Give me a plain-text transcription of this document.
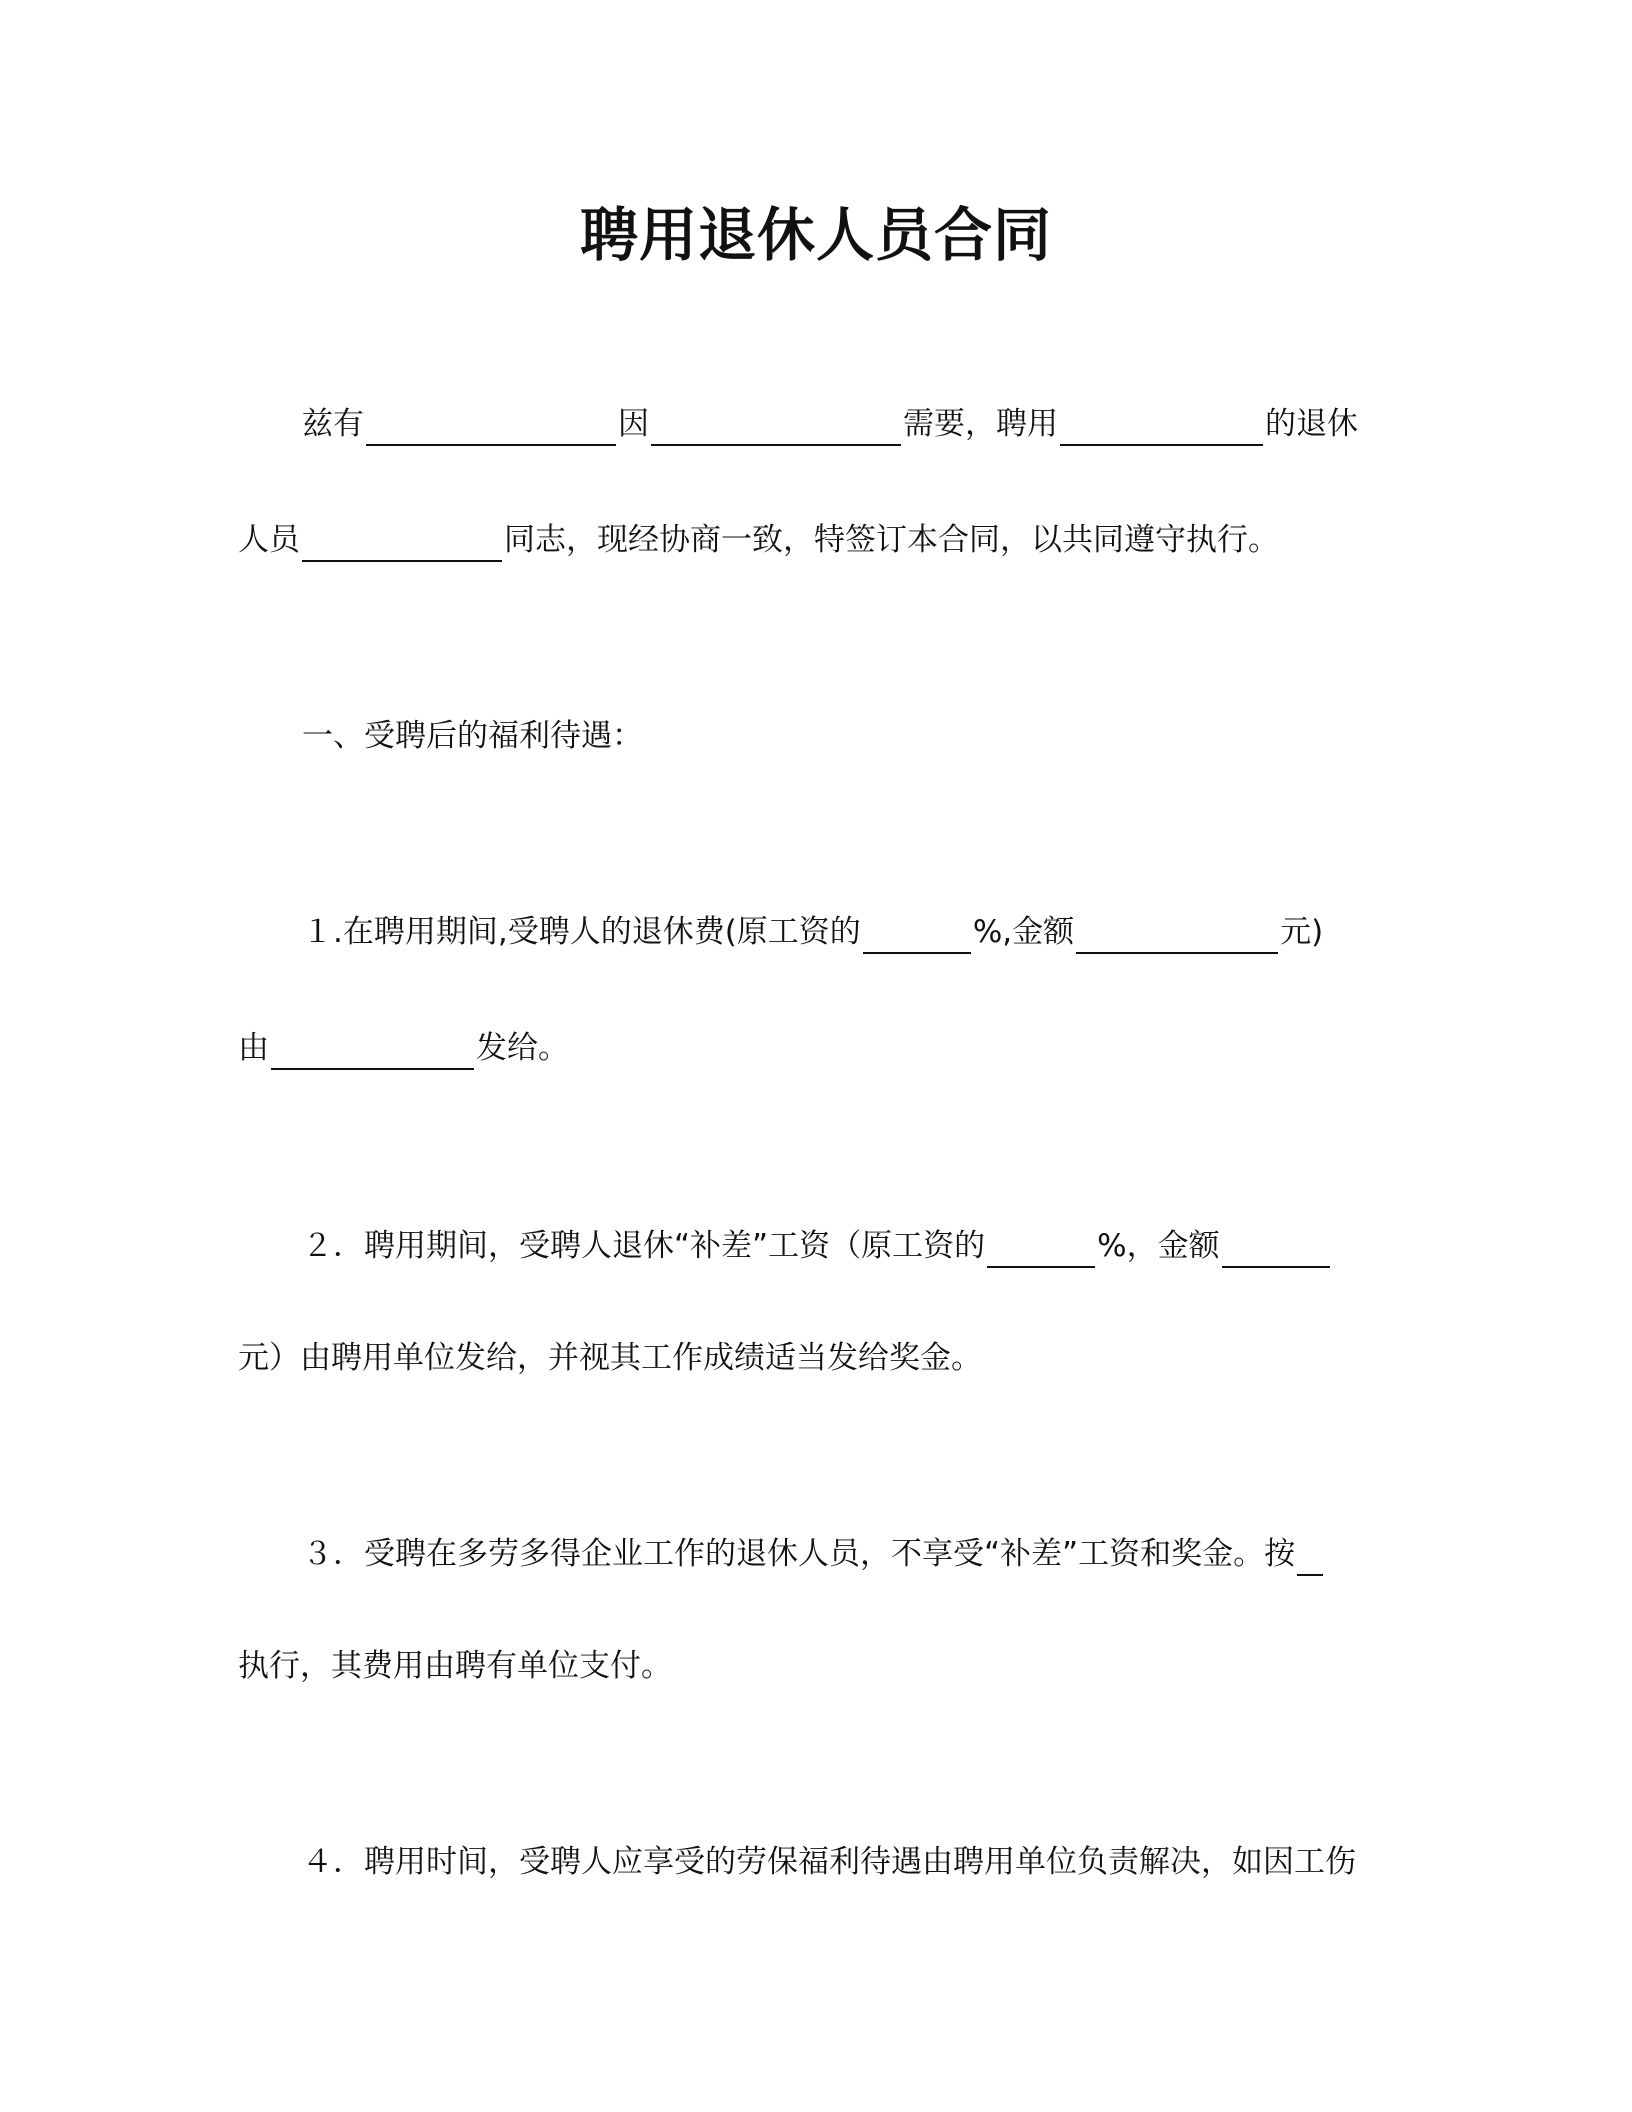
聘用退休人员合同
兹有	因	需要，聘用	的退休
人员	同志，现经协商一致，特签订本合同，以共同遵守执行。
一、受聘后的福利待遇：
１.在聘用期间,受聘人的退休费(原工资的	%,金额	元)
由	发给。
２．聘用期间，受聘人退休“补差”工资（原工资的	%，金额
元）由聘用单位发给，并视其工作成绩适当发给奖金。
３．受聘在多劳多得企业工作的退休人员，不享受“补差”工资和奖金。按
执行，其费用由聘有单位支付。
４．聘用时间，受聘人应享受的劳保福利待遇由聘用单位负责解决，如因工伤
